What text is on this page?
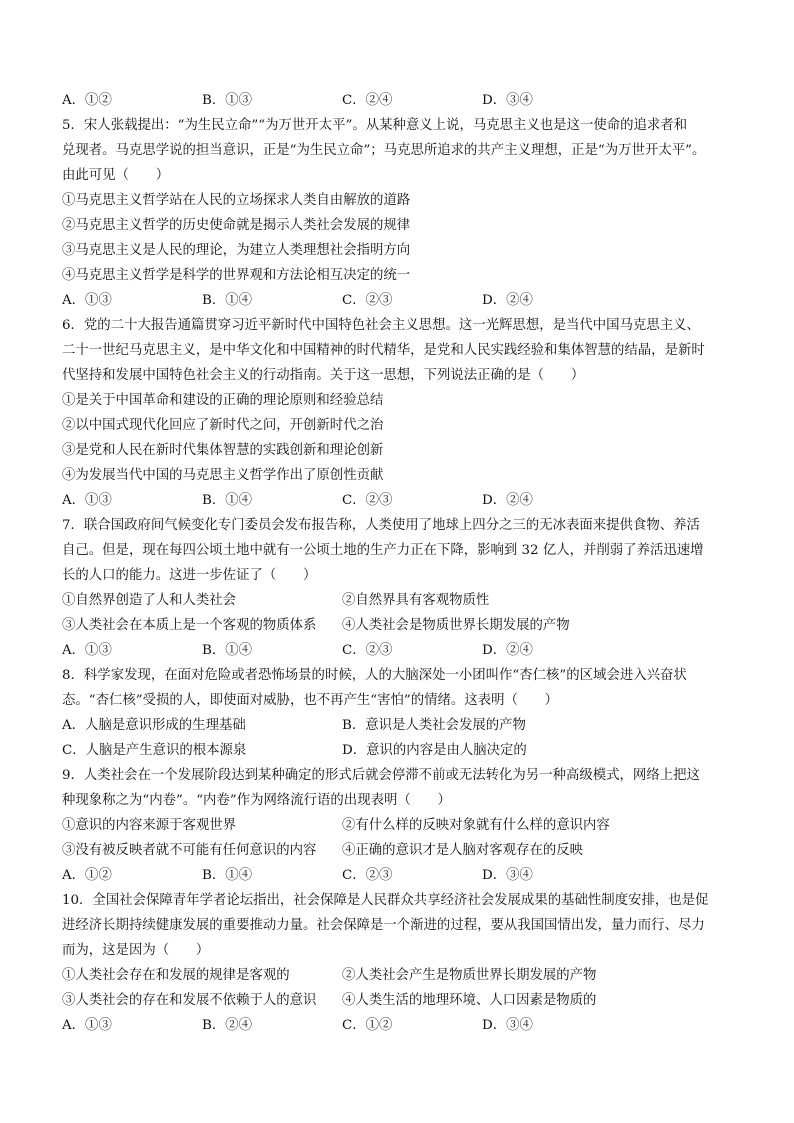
A．①②	B．①③	C．②④	D．③④
5．宋人张载提出：“为生民立命”“为万世开太平”。从某种意义上说，马克思主义也是这一使命的追求者和
兑现者。马克思学说的担当意识，正是“为生民立命”；马克思所追求的共产主义理想，正是“为万世开太平”。
由此可见（　　）
①马克思主义哲学站在人民的立场探求人类自由解放的道路
②马克思主义哲学的历史使命就是揭示人类社会发展的规律
③马克思主义是人民的理论，为建立人类理想社会指明方向
④马克思主义哲学是科学的世界观和方法论相互决定的统一
A．①③	B．①④	C．②③	D．②④
6．党的二十大报告通篇贯穿习近平新时代中国特色社会主义思想。这一光辉思想，是当代中国马克思主义、
二十一世纪马克思主义，是中华文化和中国精神的时代精华，是党和人民实践经验和集体智慧的结晶，是新时
代坚持和发展中国特色社会主义的行动指南。关于这一思想，下列说法正确的是（　　）
①是关于中国革命和建设的正确的理论原则和经验总结
②以中国式现代化回应了新时代之问，开创新时代之治
③是党和人民在新时代集体智慧的实践创新和理论创新
④为发展当代中国的马克思主义哲学作出了原创性贡献
A．①③	B．①④	C．②③	D．②④
7．联合国政府间气候变化专门委员会发布报告称，人类使用了地球上四分之三的无冰表面来提供食物、养活
自己。但是，现在每四公顷土地中就有一公顷土地的生产力正在下降，影响到 32 亿人，并削弱了养活迅速增
长的人口的能力。这进一步佐证了（　　）
①自然界创造了人和人类社会	②自然界具有客观物质性
③人类社会在本质上是一个客观的物质体系	④人类社会是物质世界长期发展的产物
A．①③	B．①④	C．②③	D．②④
8．科学家发现，在面对危险或者恐怖场景的时候，人的大脑深处一小团叫作“杏仁核”的区域会进入兴奋状
态。“杏仁核”受损的人，即使面对威胁，也不再产生“害怕”的情绪。这表明（　　）
A．人脑是意识形成的生理基础	B．意识是人类社会发展的产物
C．人脑是产生意识的根本源泉	D．意识的内容是由人脑决定的
9．人类社会在一个发展阶段达到某种确定的形式后就会停滞不前或无法转化为另一种高级模式，网络上把这
种现象称之为“内卷”。“内卷”作为网络流行语的出现表明（　　）
①意识的内容来源于客观世界	②有什么样的反映对象就有什么样的意识内容
③没有被反映者就不可能有任何意识的内容	④正确的意识才是人脑对客观存在的反映
A．①②	B．①④	C．②③	D．③④
10．全国社会保障青年学者论坛指出，社会保障是人民群众共享经济社会发展成果的基础性制度安排，也是促
进经济长期持续健康发展的重要推动力量。社会保障是一个渐进的过程，要从我国国情出发，量力而行、尽力
而为，这是因为（　　）
①人类社会存在和发展的规律是客观的	②人类社会产生是物质世界长期发展的产物
③人类社会的存在和发展不依赖于人的意识	④人类生活的地理环境、人口因素是物质的
A．①③	B．②④	C．①②	D．③④
